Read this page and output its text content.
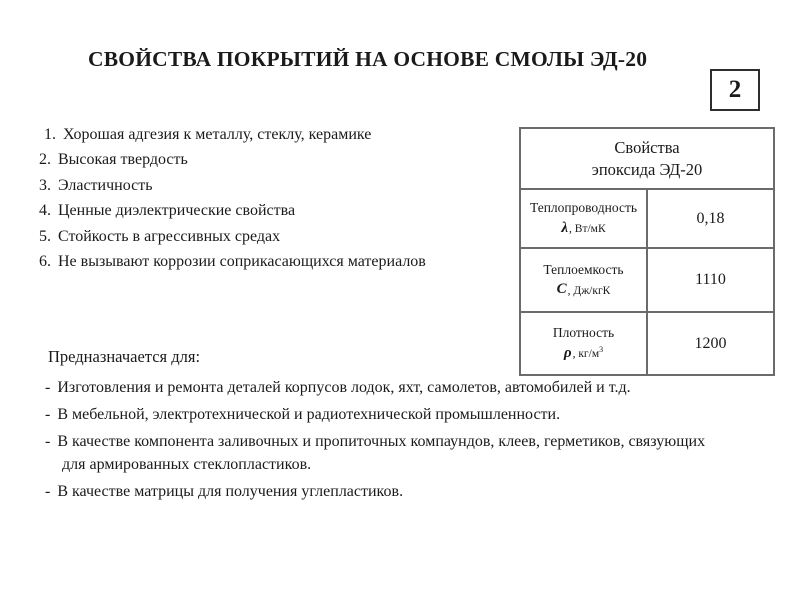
СВОЙСТВА ПОКРЫТИЙ НА ОСНОВЕ СМОЛЫ ЭД-20
2
1. Хорошая адгезия к металлу, стеклу, керамике
2. Высокая твердость
3. Эластичность
4. Ценные диэлектрические свойства
5. Стойкость в агрессивных средах
6. Не вызывают коррозии соприкасающихся материалов
Свойства
эпоксида ЭД-20
Теплопроводность
λ, Вт/мК
0,18
Теплоемкость
С, Дж/кгК
1110
Плотность
ρ, $кг/м^3$	1200
Предназначается для:
- Изготовления и ремонта деталей корпусов лодок, яхт, самолетов, автомобилей и т.д.
- В мебельной, электротехнической и радиотехнической промышленности.
- В качестве компонента заливочных и пропиточных компаундов, клеев, герметиков, связующих для армированных стеклопластиков.
- В качестве матрицы для получения углепластиков.
